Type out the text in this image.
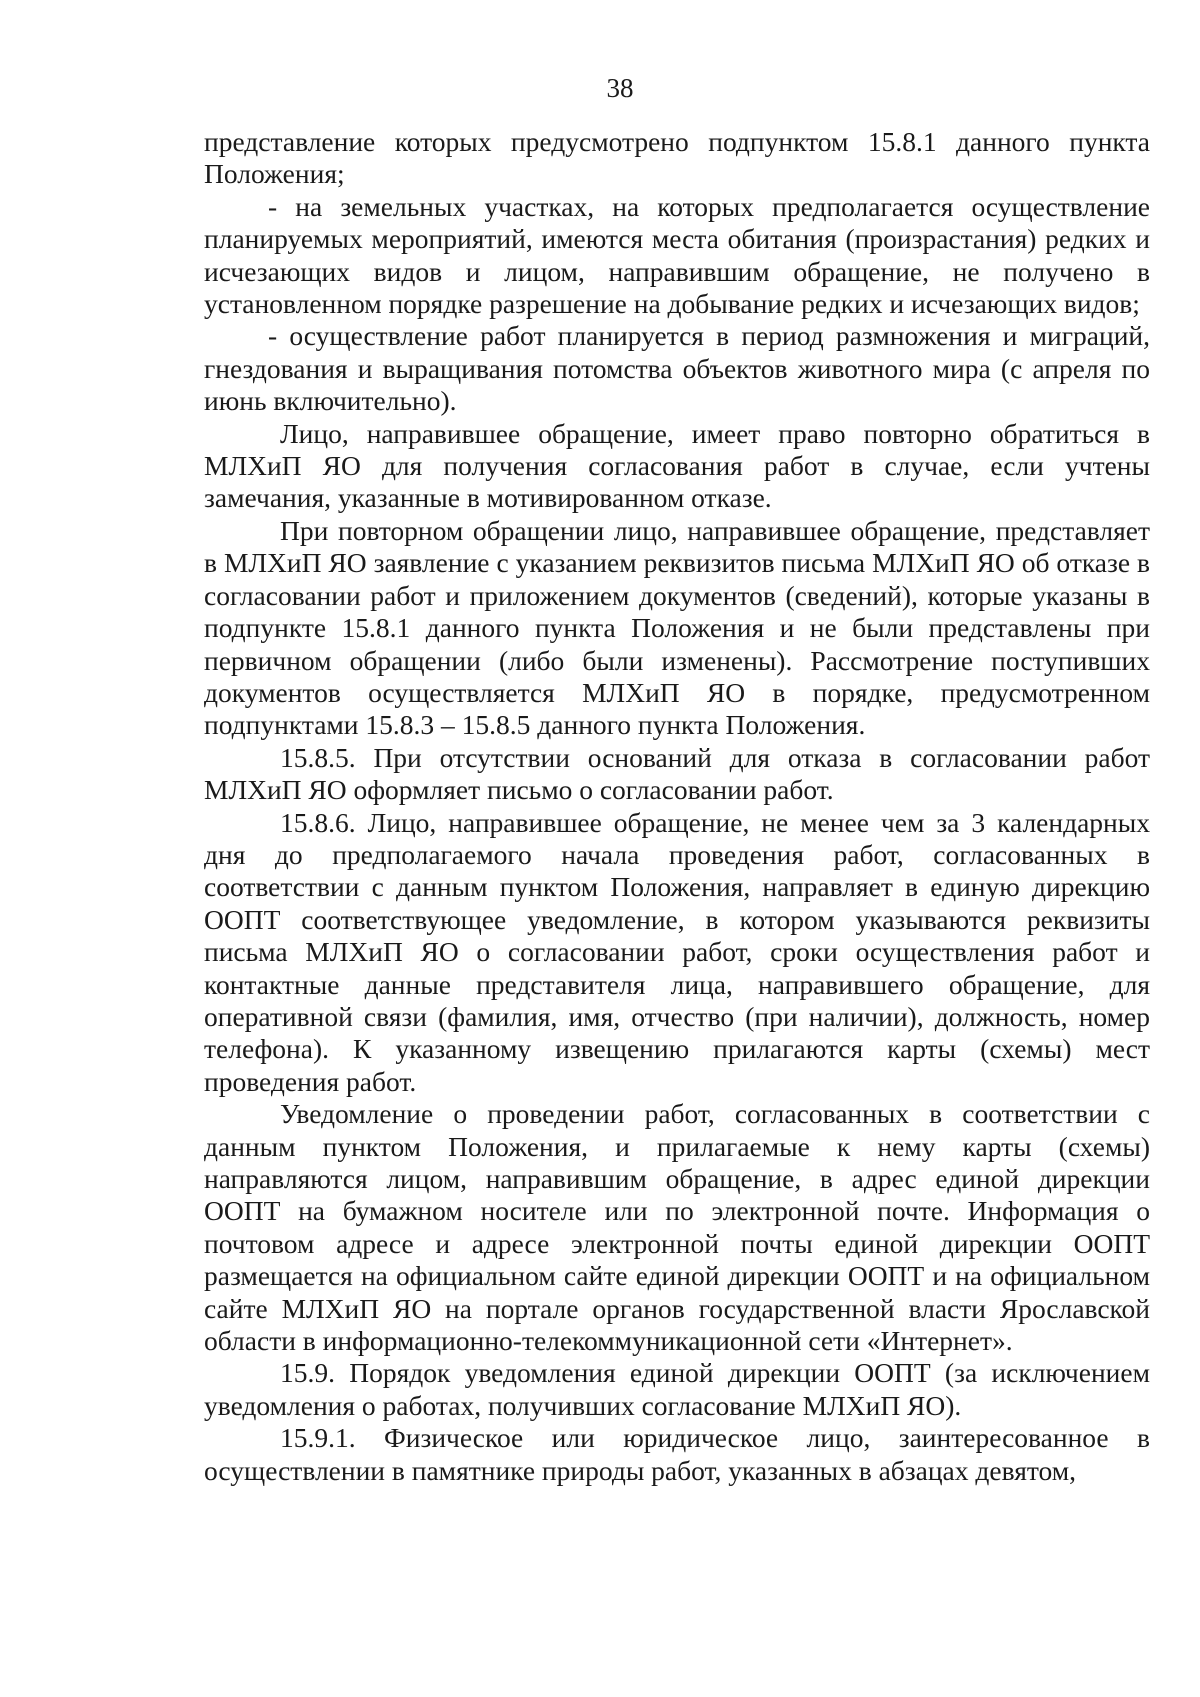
38

представление которых предусмотрено подпунктом 15.8.1 данного пункта Положения;

- на земельных участках, на которых предполагается осуществление планируемых мероприятий, имеются места обитания (произрастания) редких и исчезающих видов и лицом, направившим обращение, не получено в установленном порядке разрешение на добывание редких и исчезающих видов;

- осуществление работ планируется в период размножения и миграций, гнездования и выращивания потомства объектов животного мира (с апреля по июнь включительно).

Лицо, направившее обращение, имеет право повторно обратиться в МЛХиП ЯО для получения согласования работ в случае, если учтены замечания, указанные в мотивированном отказе.

При повторном обращении лицо, направившее обращение, представляет в МЛХиП ЯО заявление с указанием реквизитов письма МЛХиП ЯО об отказе в согласовании работ и приложением документов (сведений), которые указаны в подпункте 15.8.1 данного пункта Положения и не были представлены при первичном обращении (либо были изменены). Рассмотрение поступивших документов осуществляется МЛХиП ЯО в порядке, предусмотренном подпунктами 15.8.3 – 15.8.5 данного пункта Положения.

15.8.5. При отсутствии оснований для отказа в согласовании работ МЛХиП ЯО оформляет письмо о согласовании работ.

15.8.6. Лицо, направившее обращение, не менее чем за 3 календарных дня до предполагаемого начала проведения работ, согласованных в соответствии с данным пунктом Положения, направляет в единую дирекцию ООПТ соответствующее уведомление, в котором указываются реквизиты письма МЛХиП ЯО о согласовании работ, сроки осуществления работ и контактные данные представителя лица, направившего обращение, для оперативной связи (фамилия, имя, отчество (при наличии), должность, номер телефона). К указанному извещению прилагаются карты (схемы) мест проведения работ.

Уведомление о проведении работ, согласованных в соответствии с данным пунктом Положения, и прилагаемые к нему карты (схемы) направляются лицом, направившим обращение, в адрес единой дирекции ООПТ на бумажном носителе или по электронной почте. Информация о почтовом адресе и адресе электронной почты единой дирекции ООПТ размещается на официальном сайте единой дирекции ООПТ и на официальном сайте МЛХиП ЯО на портале органов государственной власти Ярославской области в информационно-телекоммуникационной сети «Интернет».

15.9. Порядок уведомления единой дирекции ООПТ (за исключением уведомления о работах, получивших согласование МЛХиП ЯО).

15.9.1. Физическое или юридическое лицо, заинтересованное в осуществлении в памятнике природы работ, указанных в абзацах девятом,
